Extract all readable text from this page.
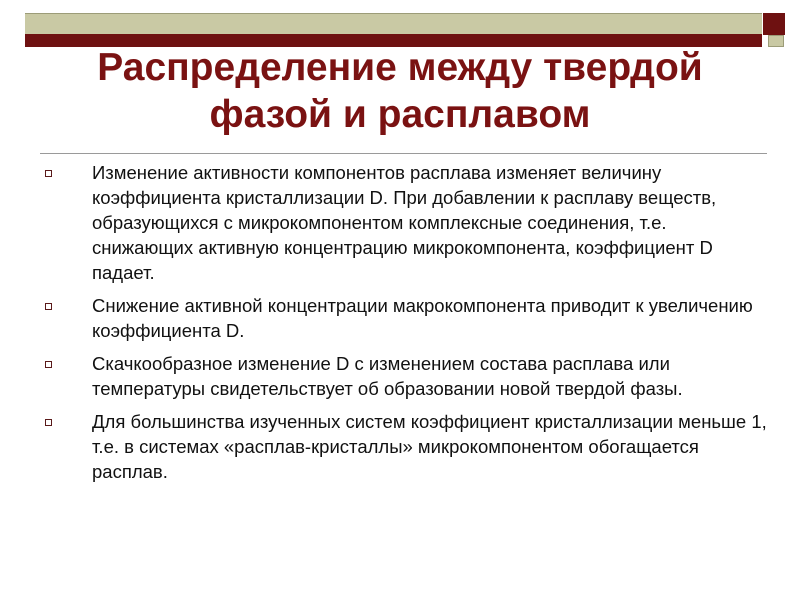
Распределение между твердой
фазой и расплавом
Изменение активности компонентов расплава изменяет величину коэффициента кристаллизации D. При добавлении к расплаву веществ, образующихся с микрокомпонентом комплексные соединения, т.е. снижающих активную концентрацию микрокомпонента, коэффициент D падает.
Снижение активной концентрации макрокомпонента приводит к увеличению коэффициента D.
Скачкообразное изменение D с изменением состава расплава или температуры свидетельствует об образовании новой твердой фазы.
Для большинства изученных систем коэффициент кристаллизации меньше 1, т.е. в системах «расплав-кристаллы» микрокомпонентом обогащается расплав.
